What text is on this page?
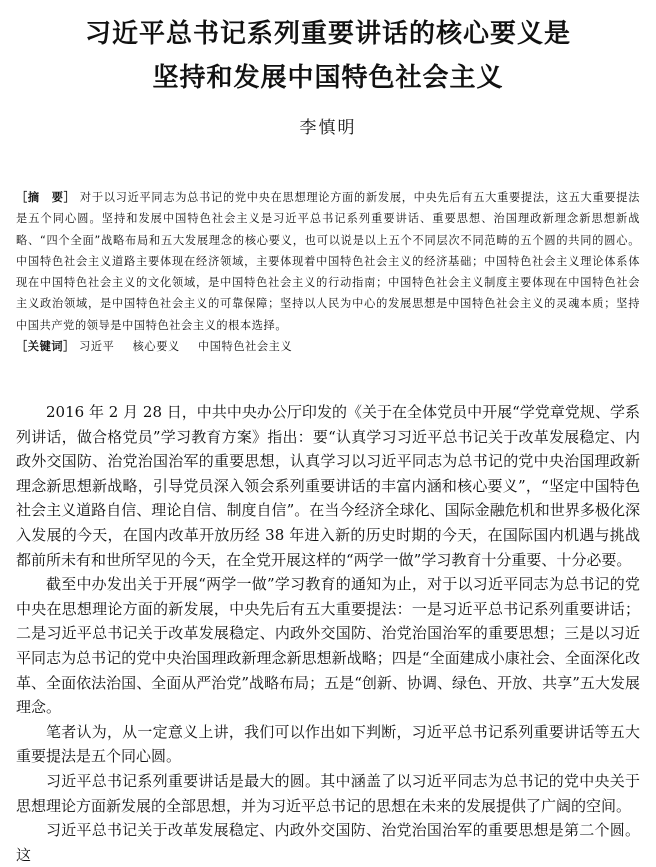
习近平总书记系列重要讲话的核心要义是
坚持和发展中国特色社会主义
李慎明

［摘　要］ 对于以习近平同志为总书记的党中央在思想理论方面的新发展，中央先后有五大重要提法，这五大重要提法是五个同心圆。坚持和发展中国特色社会主义是习近平总书记系列重要讲话、重要思想、治国理政新理念新思想新战略、“四个全面”战略布局和五大发展理念的核心要义，也可以说是以上五个不同层次不同范畴的五个圆的共同的圆心。中国特色社会主义道路主要体现在经济领域，主要体现着中国特色社会主义的经济基础；中国特色社会主义理论体系体现在中国特色社会主义的文化领域，是中国特色社会主义的行动指南；中国特色社会主义制度主要体现在中国特色社会主义政治领域，是中国特色社会主义的可靠保障；坚持以人民为中心的发展思想是中国特色社会主义的灵魂本质；坚持中国共产党的领导是中国特色社会主义的根本选择。

［关键词］ 习近平 核心要义 中国特色社会主义

2016 年 2 月 28 日，中共中央办公厅印发的《关于在全体党员中开展“学党章党规、学系列讲话，做合格党员”学习教育方案》指出：要“认真学习习近平总书记关于改革发展稳定、内政外交国防、治党治国治军的重要思想，认真学习以习近平同志为总书记的党中央治国理政新理念新思想新战略，引导党员深入领会系列重要讲话的丰富内涵和核心要义”，“坚定中国特色社会主义道路自信、理论自信、制度自信”。在当今经济全球化、国际金融危机和世界多极化深入发展的今天，在国内改革开放历经 38 年进入新的历史时期的今天，在国际国内机遇与挑战都前所未有和世所罕见的今天，在全党开展这样的“两学一做”学习教育十分重要、十分必要。

截至中办发出关于开展“两学一做”学习教育的通知为止，对于以习近平同志为总书记的党中央在思想理论方面的新发展，中央先后有五大重要提法：一是习近平总书记系列重要讲话；二是习近平总书记关于改革发展稳定、内政外交国防、治党治国治军的重要思想；三是以习近平同志为总书记的党中央治国理政新理念新思想新战略；四是“全面建成小康社会、全面深化改革、全面依法治国、全面从严治党”战略布局；五是“创新、协调、绿色、开放、共享”五大发展理念。

笔者认为，从一定意义上讲，我们可以作出如下判断，习近平总书记系列重要讲话等五大重要提法是五个同心圆。

习近平总书记系列重要讲话是最大的圆。其中涵盖了以习近平同志为总书记的党中央关于思想理论方面新发展的全部思想，并为习近平总书记的思想在未来的发展提供了广阔的空间。

习近平总书记关于改革发展稳定、内政外交国防、治党治国治军的重要思想是第二个圆。这
